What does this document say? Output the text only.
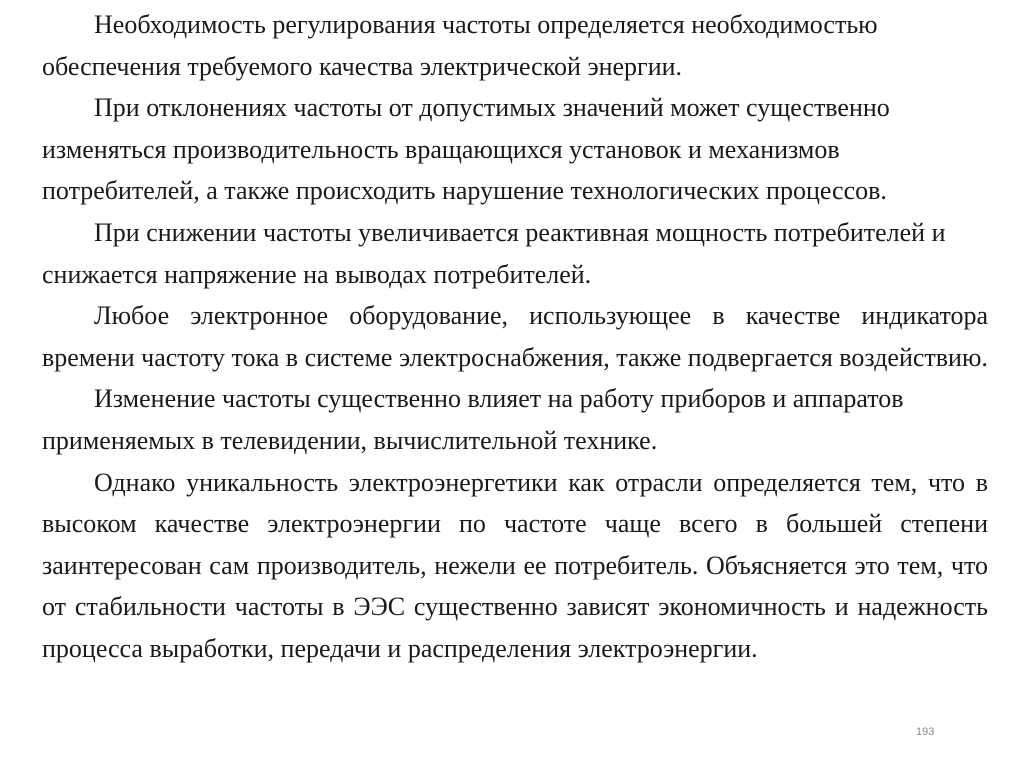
Необходимость регулирования частоты определяется необходимостью обеспечения требуемого качества электрической энергии.

При отклонениях частоты от допустимых значений может существенно изменяться производительность вращающихся установок и механизмов потребителей, а также происходить нарушение технологических процессов.

При снижении частоты увеличивается реактивная мощность потребителей и снижается напряжение на выводах потребителей.

Любое электронное оборудование, использующее в качестве индикатора времени частоту тока в системе электроснабжения, также подвергается воздействию.

Изменение частоты существенно влияет на работу приборов и аппаратов применяемых в телевидении, вычислительной технике.

Однако уникальность электроэнергетики как отрасли определяется тем, что в высоком качестве электроэнергии по частоте чаще всего в большей степени заинтересован сам производитель, нежели ее потребитель. Объясняется это тем, что от стабильности частоты в ЭЭС существенно зависят экономичность и надежность процесса выработки, передачи и распределения электроэнергии.

193
